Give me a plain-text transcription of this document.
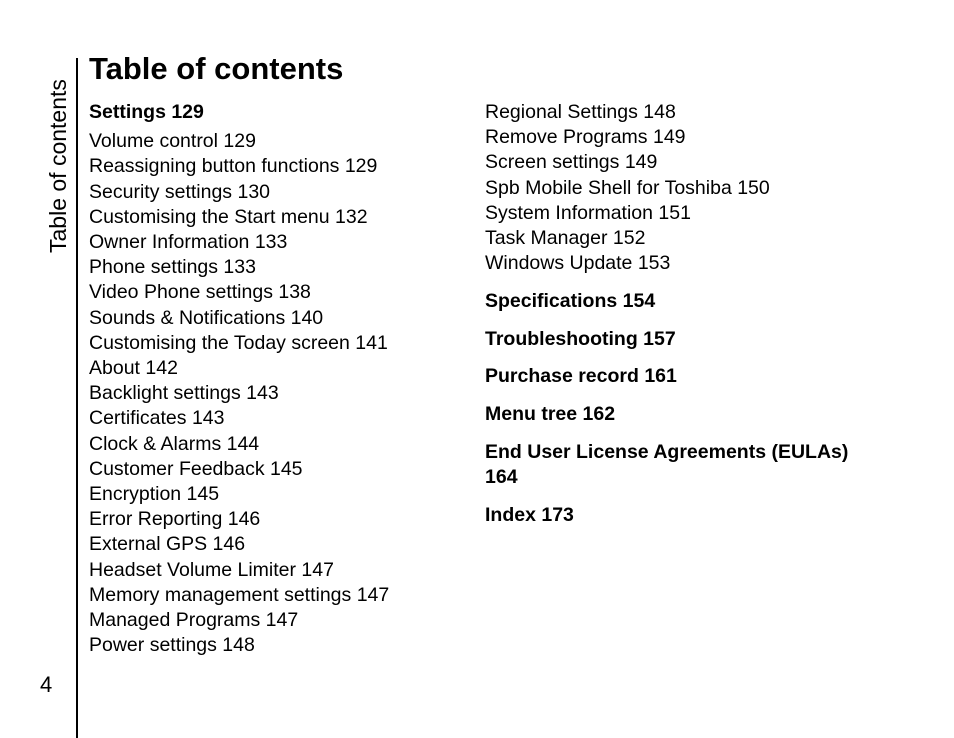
Table of contents
4
Table of contents
Settings 129
Volume control 129
Reassigning button functions 129
Security settings 130
Customising the Start menu 132
Owner Information 133
Phone settings 133
Video Phone settings 138
Sounds & Notifications 140
Customising the Today screen 141
About 142
Backlight settings 143
Certificates 143
Clock & Alarms 144
Customer Feedback 145
Encryption 145
Error Reporting 146
External GPS 146
Headset Volume Limiter 147
Memory management settings 147
Managed Programs 147
Power settings 148
Regional Settings 148
Remove Programs 149
Screen settings 149
Spb Mobile Shell for Toshiba 150
System Information 151
Task Manager 152
Windows Update 153
Specifications 154
Troubleshooting 157
Purchase record 161
Menu tree 162
End User License Agreements (EULAs) 164
Index 173
